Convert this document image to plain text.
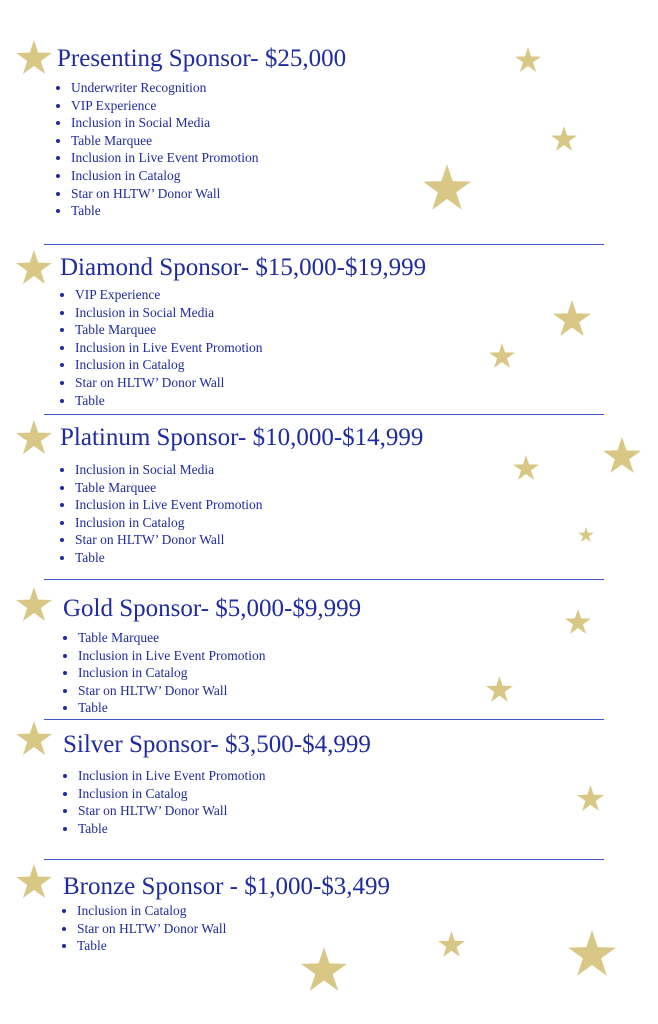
Presenting Sponsor- $25,000
• Underwriter Recognition
• VIP Experience
• Inclusion in Social Media
• Table Marquee
• Inclusion in Live Event Promotion
• Inclusion in Catalog
• Star on HLTW’ Donor Wall
• Table
Diamond Sponsor- $15,000-$19,999
• VIP Experience
• Inclusion in Social Media
• Table Marquee
• Inclusion in Live Event Promotion
• Inclusion in Catalog
• Star on HLTW’ Donor Wall
• Table
Platinum Sponsor- $10,000-$14,999
• Inclusion in Social Media
• Table Marquee
• Inclusion in Live Event Promotion
• Inclusion in Catalog
• Star on HLTW’ Donor Wall
• Table
Gold Sponsor- $5,000-$9,999
• Table Marquee
• Inclusion in Live Event Promotion
• Inclusion in Catalog
• Star on HLTW’ Donor Wall
• Table
Silver Sponsor- $3,500-$4,999
• Inclusion in Live Event Promotion
• Inclusion in Catalog
• Star on HLTW’ Donor Wall
• Table
Bronze Sponsor - $1,000-$3,499
• Inclusion in Catalog
• Star on HLTW’ Donor Wall
• Table
